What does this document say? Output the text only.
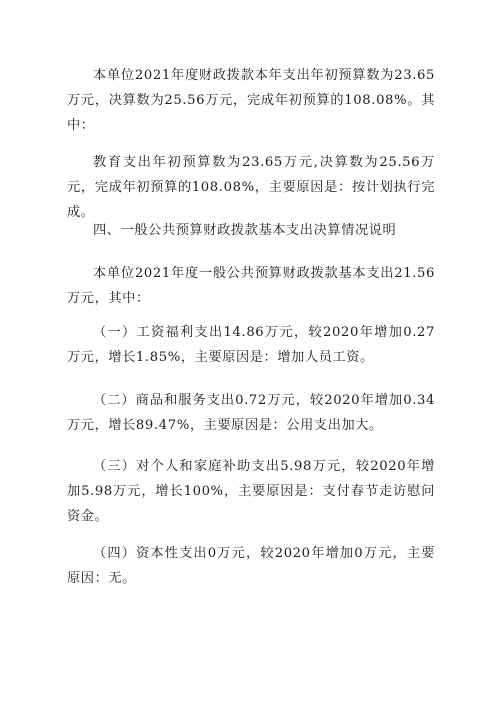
本单位2021年度财政拨款本年支出年初预算数为23.65万元，决算数为25.56万元，完成年初预算的108.08%。其中：

教育支出年初预算数为23.65万元,决算数为25.56万元，完成年初预算的108.08%，主要原因是：按计划执行完成。

四、一般公共预算财政拨款基本支出决算情况说明

本单位2021年度一般公共预算财政拨款基本支出21.56万元，其中：

（一）工资福利支出14.86万元，较2020年增加0.27万元，增长1.85%，主要原因是：增加人员工资。

（二）商品和服务支出0.72万元，较2020年增加0.34万元，增长89.47%，主要原因是：公用支出加大。

（三）对个人和家庭补助支出5.98万元，较2020年增加5.98万元，增长100%，主要原因是：支付春节走访慰问资金。

（四）资本性支出0万元，较2020年增加0万元，主要原因：无。
